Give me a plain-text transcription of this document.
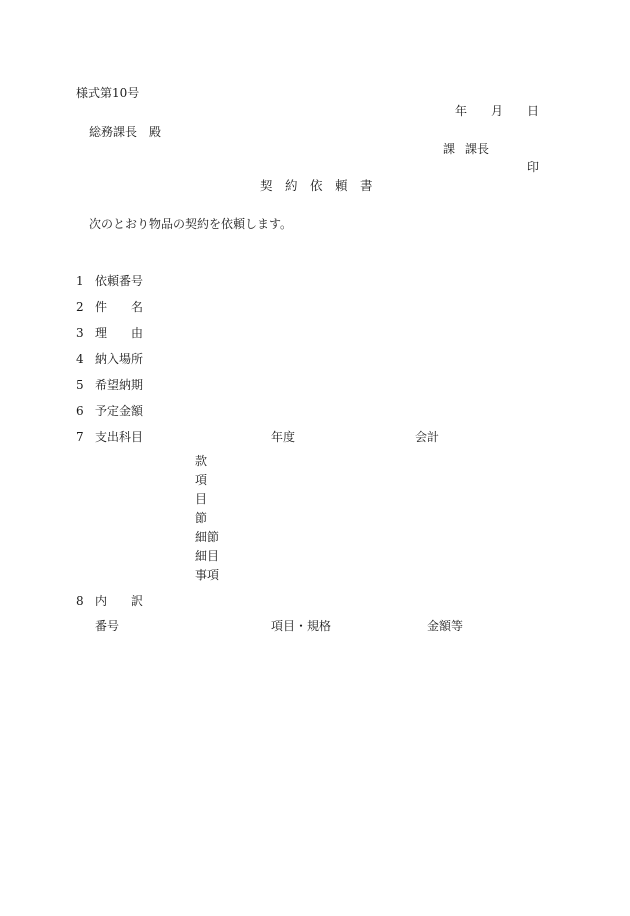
様式第10号
年 月 日
総務課長　殿
課 課長
印
契　約　依　頼　書
次のとおり物品の契約を依頼します。
1 依頼番号
2 件　　名
3 理　　由
4 納入場所
5 希望納期
6 予定金額
7 支出科目	年度	会計
款
項
目
節
細節
細目
事項
8 内　　訳
番号	項目・規格	金額等
